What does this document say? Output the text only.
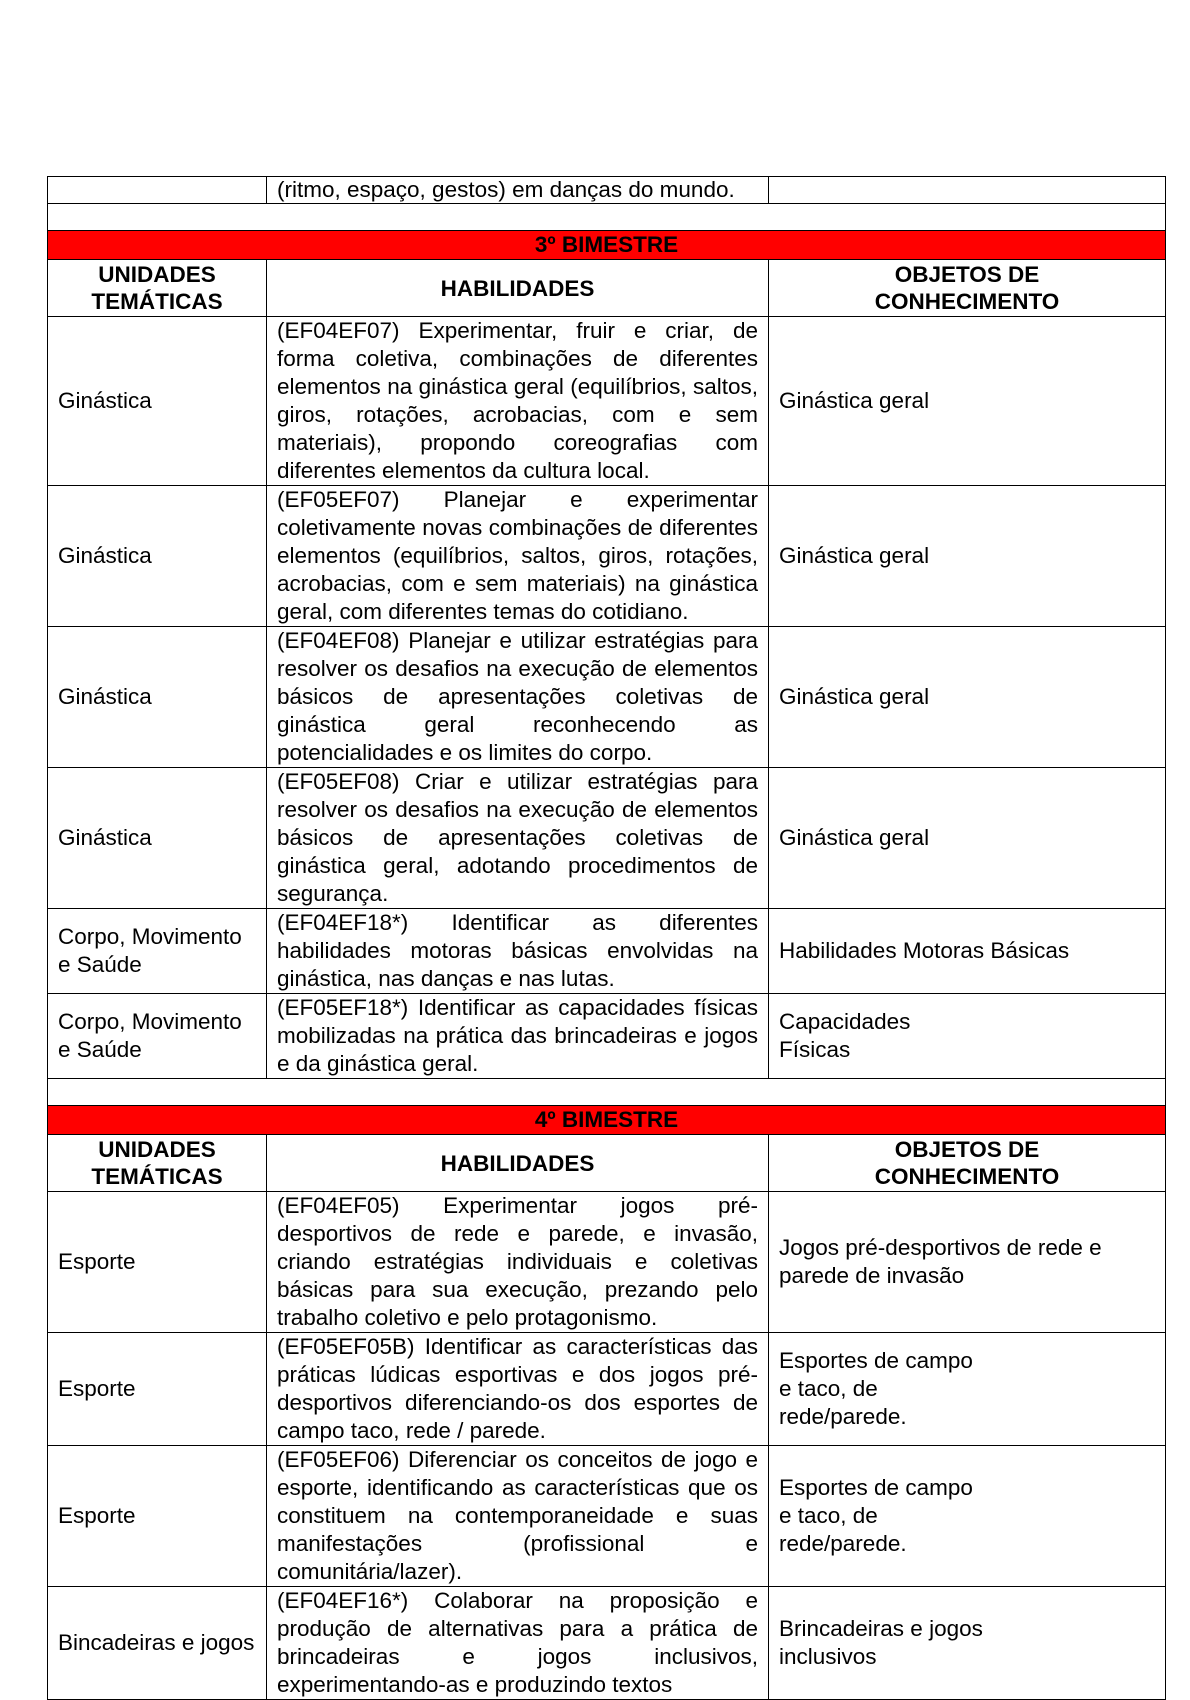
	(ritmo, espaço, gestos) em danças do mundo.	

3º BIMESTRE		
UNIDADES TEMÁTICAS	HABILIDADES	OBJETOS DE CONHECIMENTO
Ginástica	(EF04EF07) Experimentar, fruir e criar, de forma coletiva, combinações de diferentes elementos na ginástica geral (equilíbrios, saltos, giros, rotações, acrobacias, com e sem materiais), propondo coreografias com diferentes elementos da cultura local.	Ginástica geral
Ginástica	(EF05EF07) Planejar e experimentar coletivamente novas combinações de diferentes elementos (equilíbrios, saltos, giros, rotações, acrobacias, com e sem materiais) na ginástica geral, com diferentes temas do cotidiano.	Ginástica geral
Ginástica	(EF04EF08) Planejar e utilizar estratégias para resolver os desafios na execução de elementos básicos de apresentações coletivas de ginástica geral reconhecendo as potencialidades e os limites do corpo.	Ginástica geral
Ginástica	(EF05EF08) Criar e utilizar estratégias para resolver os desafios na execução de elementos básicos de apresentações coletivas de ginástica geral, adotando procedimentos de segurança.	Ginástica geral
Corpo, Movimento e Saúde	(EF04EF18*) Identificar as diferentes habilidades motoras básicas envolvidas na ginástica, nas danças e nas lutas.	Habilidades Motoras Básicas
Corpo, Movimento e Saúde	(EF05EF18*) Identificar as capacidades físicas mobilizadas na prática das brincadeiras e jogos e da ginástica geral.	Capacidades Físicas

4º BIMESTRE		
UNIDADES TEMÁTICAS	HABILIDADES	OBJETOS DE CONHECIMENTO
Esporte	(EF04EF05) Experimentar jogos pré-desportivos de rede e parede, e invasão, criando estratégias individuais e coletivas básicas para sua execução, prezando pelo trabalho coletivo e pelo protagonismo.	Jogos pré-desportivos de rede e parede de invasão
Esporte	(EF05EF05B) Identificar as características das práticas lúdicas esportivas e dos jogos pré-desportivos diferenciando-os dos esportes de campo taco, rede / parede.	Esportes de campo e taco, de rede/parede.
Esporte	(EF05EF06) Diferenciar os conceitos de jogo e esporte, identificando as características que os constituem na contemporaneidade e suas manifestações (profissional e comunitária/lazer).	Esportes de campo e taco, de rede/parede.
Bincadeiras e jogos	(EF04EF16*) Colaborar na proposição e produção de alternativas para a prática de brincadeiras e jogos inclusivos, experimentando-as e produzindo textos	Brincadeiras e jogos inclusivos
